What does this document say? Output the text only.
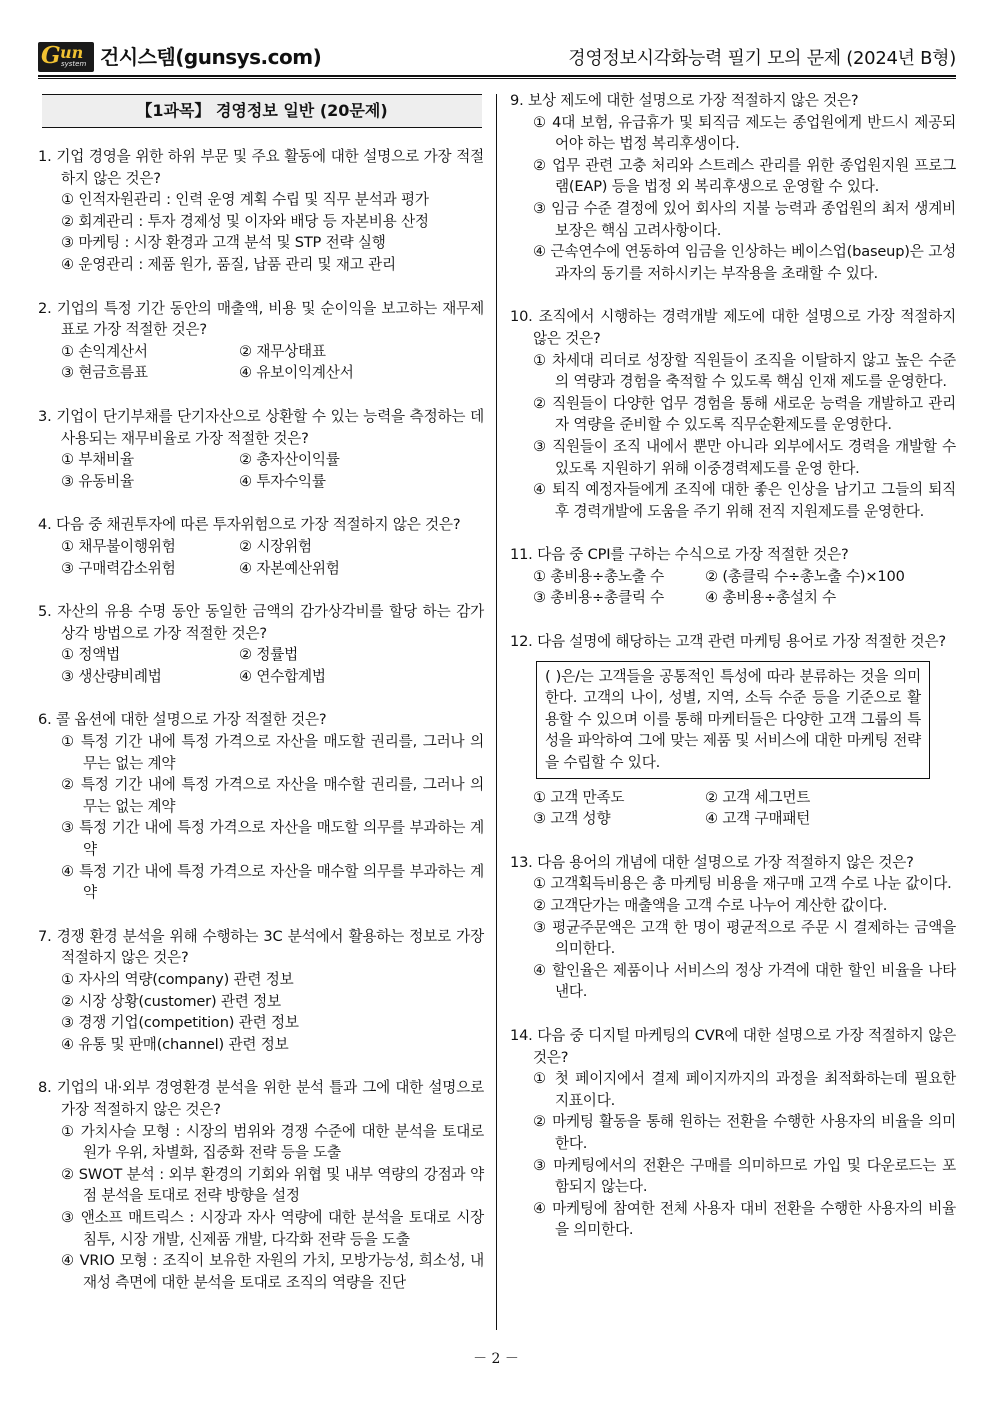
G un
system 건시스템(gunsys.com)	경영정보시각화능력 필기 모의 문제 (2024년 B형)
【1과목】 경영정보 일반 (20문제)
1. 기업 경영을 위한 하위 부문 및 주요 활동에 대한 설명으로 가장 적절하지 않은 것은?
① 인적자원관리 : 인력 운영 계획 수립 및 직무 분석과 평가
② 회계관리 : 투자 경제성 및 이자와 배당 등 자본비용 산정
③ 마케팅 : 시장 환경과 고객 분석 및 STP 전략 실행
④ 운영관리 : 제품 원가, 품질, 납품 관리 및 재고 관리
2. 기업의 특정 기간 동안의 매출액, 비용 및 순이익을 보고하는 재무제표로 가장 적절한 것은?
① 손익계산서	② 재무상태표
③ 현금흐름표	④ 유보이익계산서
3. 기업이 단기부채를 단기자산으로 상환할 수 있는 능력을 측정하는 데 사용되는 재무비율로 가장 적절한 것은?
① 부채비율	② 총자산이익률
③ 유동비율	④ 투자수익률
4. 다음 중 채권투자에 따른 투자위험으로 가장 적절하지 않은 것은?
① 채무불이행위험	② 시장위험
③ 구매력감소위험	④ 자본예산위험
5. 자산의 유용 수명 동안 동일한 금액의 감가상각비를 할당 하는 감가상각 방법으로 가장 적절한 것은?
① 정액법	② 정률법
③ 생산량비례법	④ 연수합계법
6. 콜 옵션에 대한 설명으로 가장 적절한 것은?
① 특정 기간 내에 특정 가격으로 자산을 매도할 권리를, 그러나 의무는 없는 계약
② 특정 기간 내에 특정 가격으로 자산을 매수할 권리를, 그러나 의무는 없는 계약
③ 특정 기간 내에 특정 가격으로 자산을 매도할 의무를 부과하는 계약
④ 특정 기간 내에 특정 가격으로 자산을 매수할 의무를 부과하는 계약
7. 경쟁 환경 분석을 위해 수행하는 3C 분석에서 활용하는 정보로 가장 적절하지 않은 것은?
① 자사의 역량(company) 관련 정보
② 시장 상황(customer) 관련 정보
③ 경쟁 기업(competition) 관련 정보
④ 유통 및 판매(channel) 관련 정보
8. 기업의 내·외부 경영환경 분석을 위한 분석 틀과 그에 대한 설명으로 가장 적절하지 않은 것은?
① 가치사슬 모형 : 시장의 범위와 경쟁 수준에 대한 분석을 토대로 원가 우위, 차별화, 집중화 전략 등을 도출
② SWOT 분석 : 외부 환경의 기회와 위협 및 내부 역량의 강점과 약점 분석을 토대로 전략 방향을 설정
③ 앤소프 매트릭스 : 시장과 자사 역량에 대한 분석을 토대로 시장 침투, 시장 개발, 신제품 개발, 다각화 전략 등을 도출
④ VRIO 모형 : 조직이 보유한 자원의 가치, 모방가능성, 희소성, 내재성 측면에 대한 분석을 토대로 조직의 역량을 진단
9. 보상 제도에 대한 설명으로 가장 적절하지 않은 것은?
① 4대 보험, 유급휴가 및 퇴직금 제도는 종업원에게 반드시 제공되어야 하는 법정 복리후생이다.
② 업무 관련 고충 처리와 스트레스 관리를 위한 종업원지원 프로그램(EAP) 등을 법정 외 복리후생으로 운영할 수 있다.
③ 임금 수준 결정에 있어 회사의 지불 능력과 종업원의 최저 생계비 보장은 핵심 고려사항이다.
④ 근속연수에 연동하여 임금을 인상하는 베이스업(baseup)은 고성과자의 동기를 저하시키는 부작용을 초래할 수 있다.
10. 조직에서 시행하는 경력개발 제도에 대한 설명으로 가장 적절하지 않은 것은?
① 차세대 리더로 성장할 직원들이 조직을 이탈하지 않고 높은 수준의 역량과 경험을 축적할 수 있도록 핵심 인재 제도를 운영한다.
② 직원들이 다양한 업무 경험을 통해 새로운 능력을 개발하고 관리자 역량을 준비할 수 있도록 직무순환제도를 운영한다.
③ 직원들이 조직 내에서 뿐만 아니라 외부에서도 경력을 개발할 수 있도록 지원하기 위해 이중경력제도를 운영 한다.
④ 퇴직 예정자들에게 조직에 대한 좋은 인상을 남기고 그들의 퇴직 후 경력개발에 도움을 주기 위해 전직 지원제도를 운영한다.
11. 다음 중 CPI를 구하는 수식으로 가장 적절한 것은?
① 총비용÷총노출 수	② (총클릭 수÷총노출 수)×100
③ 총비용÷총클릭 수	④ 총비용÷총설치 수
12. 다음 설명에 해당하는 고객 관련 마케팅 용어로 가장 적절한 것은?
( )은/는 고객들을 공통적인 특성에 따라 분류하는 것을 의미한다. 고객의 나이, 성별, 지역, 소득 수준 등을 기준으로 활용할 수 있으며 이를 통해 마케터들은 다양한 고객 그룹의 특성을 파악하여 그에 맞는 제품 및 서비스에 대한 마케팅 전략을 수립할 수 있다.
① 고객 만족도	② 고객 세그먼트
③ 고객 성향	④ 고객 구매패턴
13. 다음 용어의 개념에 대한 설명으로 가장 적절하지 않은 것은?
① 고객획득비용은 총 마케팅 비용을 재구매 고객 수로 나눈 값이다.
② 고객단가는 매출액을 고객 수로 나누어 계산한 값이다.
③ 평균주문액은 고객 한 명이 평균적으로 주문 시 결제하는 금액을 의미한다.
④ 할인율은 제품이나 서비스의 정상 가격에 대한 할인 비율을 나타낸다.
14. 다음 중 디지털 마케팅의 CVR에 대한 설명으로 가장 적절하지 않은 것은?
① 첫 페이지에서 결제 페이지까지의 과정을 최적화하는데 필요한 지표이다.
② 마케팅 활동을 통해 원하는 전환을 수행한 사용자의 비율을 의미한다.
③ 마케팅에서의 전환은 구매를 의미하므로 가입 및 다운로드는 포함되지 않는다.
④ 마케팅에 참여한 전체 사용자 대비 전환을 수행한 사용자의 비율을 의미한다.
－ 2 －
